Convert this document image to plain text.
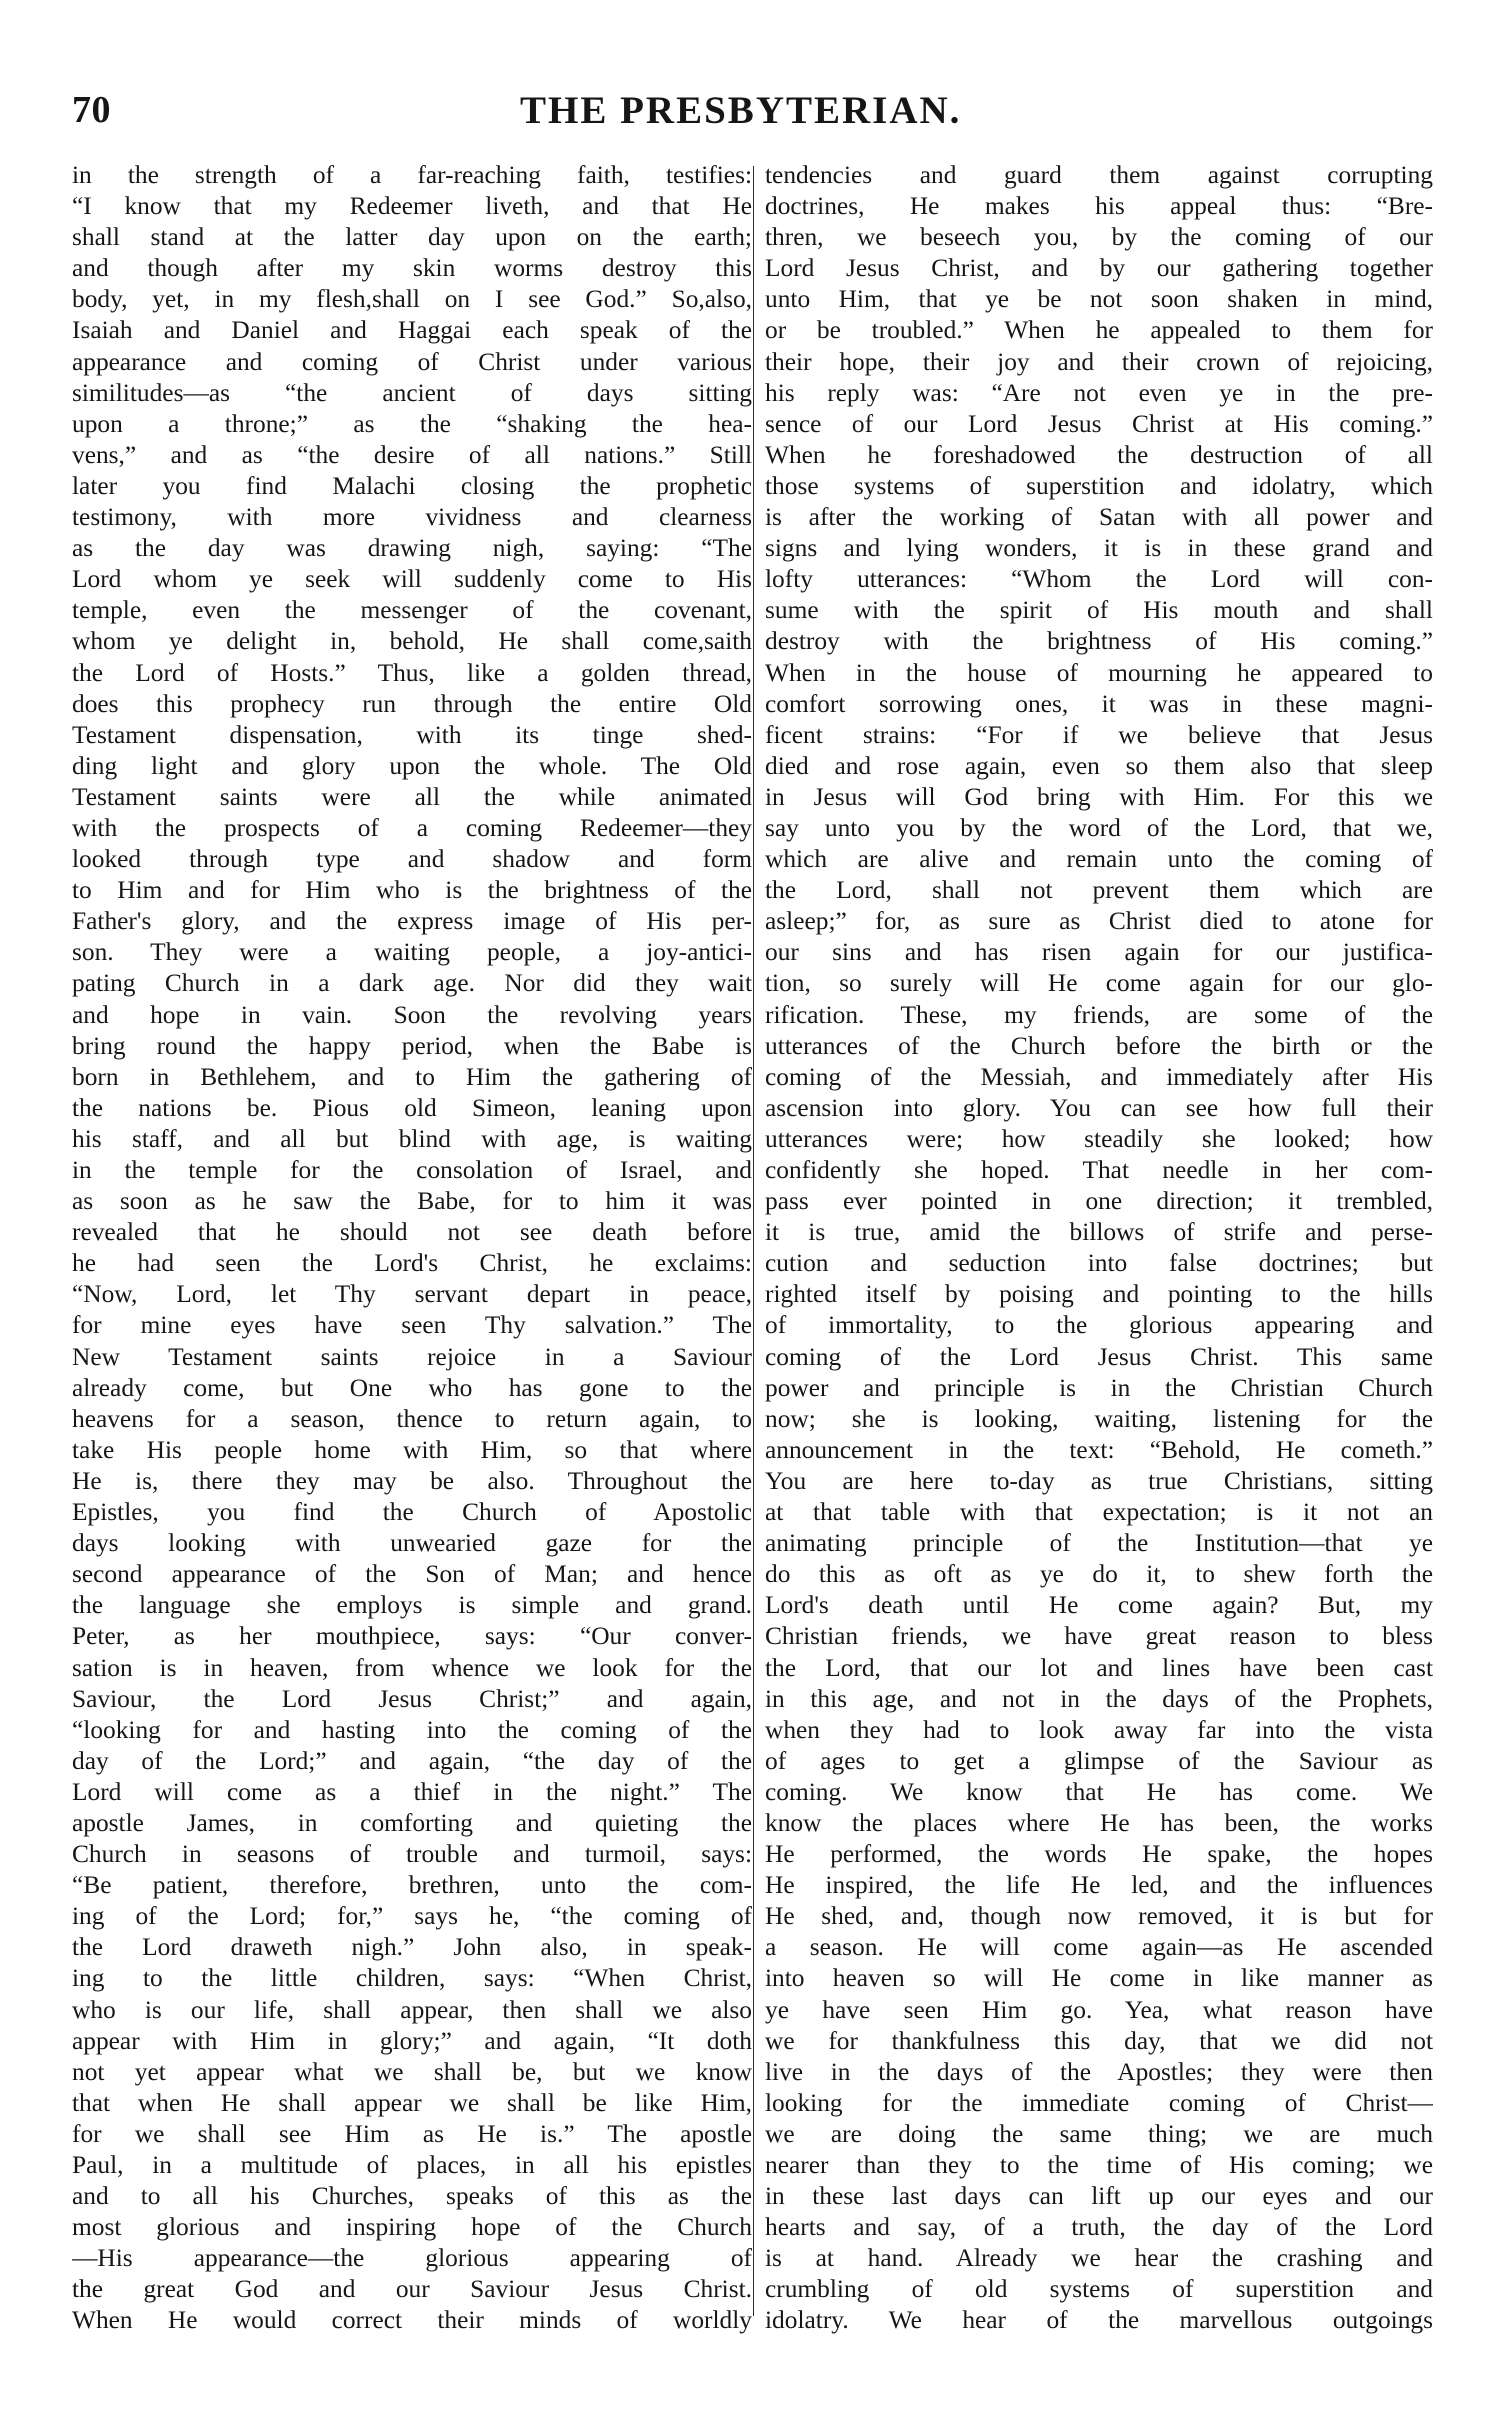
70	THE PRESBYTERIAN.
in the strength of a far-reaching faith, testifies:
“I know that my Redeemer liveth, and that He
shall stand at the latter day upon on the earth;
and though after my skin worms destroy this
body, yet, in my flesh,shall on I see God.” So,also,
Isaiah and Daniel and Haggai each speak of the
appearance and coming of Christ under various
similitudes—as “the ancient of days sitting
upon a throne;” as the “shaking the hea-
vens,” and as “the desire of all nations.” Still
later you find Malachi closing the prophetic
testimony, with more vividness and clearness
as the day was drawing nigh, saying: “The
Lord whom ye seek will suddenly come to His
temple, even the messenger of the covenant,
whom ye delight in, behold, He shall come,saith
the Lord of Hosts.” Thus, like a golden thread,
does this prophecy run through the entire Old
Testament dispensation, with its tinge shed-
ding light and glory upon the whole. The Old
Testament saints were all the while animated
with the prospects of a coming Redeemer—they
looked through type and shadow and form
to Him and for Him who is the brightness of the
Father's glory, and the express image of His per-
son. They were a waiting people, a joy-antici-
pating Church in a dark age. Nor did they wait
and hope in vain. Soon the revolving years
bring round the happy period, when the Babe is
born in Bethlehem, and to Him the gathering of
the nations be. Pious old Simeon, leaning upon
his staff, and all but blind with age, is waiting
in the temple for the consolation of Israel, and
as soon as he saw the Babe, for to him it was
revealed that he should not see death before
he had seen the Lord's Christ, he exclaims:
“Now, Lord, let Thy servant depart in peace,
for mine eyes have seen Thy salvation.” The
New Testament saints rejoice in a Saviour
already come, but One who has gone to the
heavens for a season, thence to return again, to
take His people home with Him, so that where
He is, there they may be also. Throughout the
Epistles, you find the Church of Apostolic
days looking with unwearied gaze for the
second appearance of the Son of Man; and hence
the language she employs is simple and grand.
Peter, as her mouthpiece, says: “Our conver-
sation is in heaven, from whence we look for the
Saviour, the Lord Jesus Christ;” and again,
“looking for and hasting into the coming of the
day of the Lord;” and again, “the day of the
Lord will come as a thief in the night.” The
apostle James, in comforting and quieting the
Church in seasons of trouble and turmoil, says:
“Be patient, therefore, brethren, unto the com-
ing of the Lord; for,” says he, “the coming of
the Lord draweth nigh.” John also, in speak-
ing to the little children, says: “When Christ,
who is our life, shall appear, then shall we also
appear with Him in glory;” and again, “It doth
not yet appear what we shall be, but we know
that when He shall appear we shall be like Him,
for we shall see Him as He is.” The apostle
Paul, in a multitude of places, in all his epistles
and to all his Churches, speaks of this as the
most glorious and inspiring hope of the Church
—His appearance—the glorious appearing of
the great God and our Saviour Jesus Christ.
When He would correct their minds of worldly
tendencies and guard them against corrupting
doctrines, He makes his appeal thus: “Bre-
thren, we beseech you, by the coming of our
Lord Jesus Christ, and by our gathering together
unto Him, that ye be not soon shaken in mind,
or be troubled.” When he appealed to them for
their hope, their joy and their crown of rejoicing,
his reply was: “Are not even ye in the pre-
sence of our Lord Jesus Christ at His coming.”
When he foreshadowed the destruction of all
those systems of superstition and idolatry, which
is after the working of Satan with all power and
signs and lying wonders, it is in these grand and
lofty utterances: “Whom the Lord will con-
sume with the spirit of His mouth and shall
destroy with the brightness of His coming.”
When in the house of mourning he appeared to
comfort sorrowing ones, it was in these magni-
ficent strains: “For if we believe that Jesus
died and rose again, even so them also that sleep
in Jesus will God bring with Him. For this we
say unto you by the word of the Lord, that we,
which are alive and remain unto the coming of
the Lord, shall not prevent them which are
asleep;” for, as sure as Christ died to atone for
our sins and has risen again for our justifica-
tion, so surely will He come again for our glo-
rification. These, my friends, are some of the
utterances of the Church before the birth or the
coming of the Messiah, and immediately after His
ascension into glory. You can see how full their
utterances were; how steadily she looked; how
confidently she hoped. That needle in her com-
pass ever pointed in one direction; it trembled,
it is true, amid the billows of strife and perse-
cution and seduction into false doctrines; but
righted itself by poising and pointing to the hills
of immortality, to the glorious appearing and
coming of the Lord Jesus Christ. This same
power and principle is in the Christian Church
now; she is looking, waiting, listening for the
announcement in the text: “Behold, He cometh.”
You are here to-day as true Christians, sitting
at that table with that expectation; is it not an
animating principle of the Institution—that ye
do this as oft as ye do it, to shew forth the
Lord's death until He come again? But, my
Christian friends, we have great reason to bless
the Lord, that our lot and lines have been cast
in this age, and not in the days of the Prophets,
when they had to look away far into the vista
of ages to get a glimpse of the Saviour as
coming. We know that He has come. We
know the places where He has been, the works
He performed, the words He spake, the hopes
He inspired, the life He led, and the influences
He shed, and, though now removed, it is but for
a season. He will come again—as He ascended
into heaven so will He come in like manner as
ye have seen Him go. Yea, what reason have
we for thankfulness this day, that we did not
live in the days of the Apostles; they were then
looking for the immediate coming of Christ—
we are doing the same thing; we are much
nearer than they to the time of His coming; we
in these last days can lift up our eyes and our
hearts and say, of a truth, the day of the Lord
is at hand. Already we hear the crashing and
crumbling of old systems of superstition and
idolatry. We hear of the marvellous outgoings
